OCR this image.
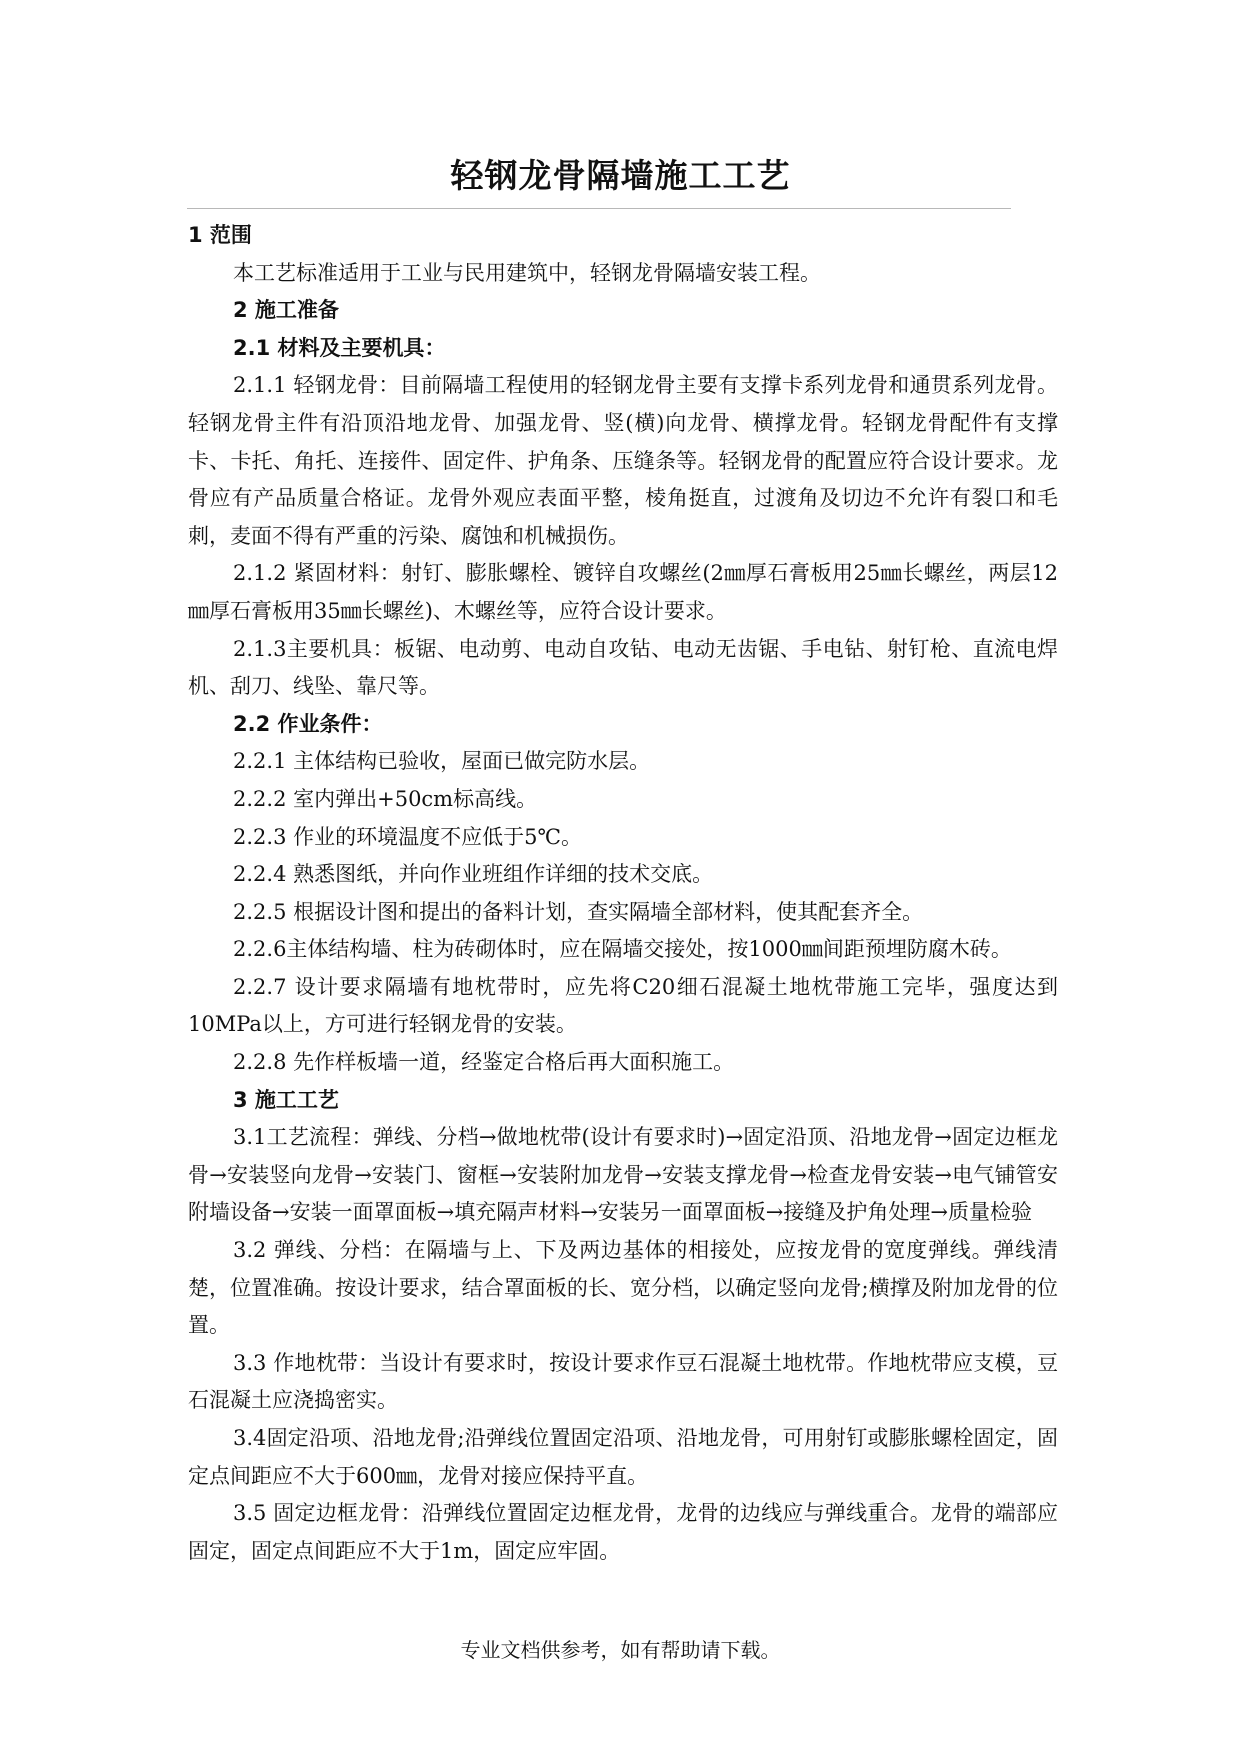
轻钢龙骨隔墙施工工艺

1 范围

本工艺标准适用于工业与民用建筑中，轻钢龙骨隔墙安装工程。

2 施工准备

2.1 材料及主要机具：

2.1.1 轻钢龙骨：目前隔墙工程使用的轻钢龙骨主要有支撑卡系列龙骨和通贯系列龙骨。轻钢龙骨主件有沿顶沿地龙骨、加强龙骨、竖(横)向龙骨、横撑龙骨。轻钢龙骨配件有支撑卡、卡托、角托、连接件、固定件、护角条、压缝条等。轻钢龙骨的配置应符合设计要求。龙骨应有产品质量合格证。龙骨外观应表面平整，棱角挺直，过渡角及切边不允许有裂口和毛刺，麦面不得有严重的污染、腐蚀和机械损伤。

2.1.2 紧固材料：射钉、膨胀螺栓、镀锌自攻螺丝(2㎜厚石膏板用25㎜长螺丝，两层12㎜厚石膏板用35㎜长螺丝)、木螺丝等，应符合设计要求。

2.1.3主要机具：板锯、电动剪、电动自攻钻、电动无齿锯、手电钻、射钉枪、直流电焊机、刮刀、线坠、靠尺等。

2.2 作业条件：

2.2.1 主体结构已验收，屋面已做完防水层。

2.2.2 室内弹出+50cm标高线。

2.2.3 作业的环境温度不应低于5℃。

2.2.4 熟悉图纸，并向作业班组作详细的技术交底。

2.2.5 根据设计图和提出的备料计划，查实隔墙全部材料，使其配套齐全。

2.2.6主体结构墙、柱为砖砌体时，应在隔墙交接处，按1000㎜间距预埋防腐木砖。

2.2.7 设计要求隔墙有地枕带时，应先将C20细石混凝土地枕带施工完毕，强度达到10MPa以上，方可进行轻钢龙骨的安装。

2.2.8 先作样板墙一道，经鉴定合格后再大面积施工。

3 施工工艺

3.1工艺流程：弹线、分档→做地枕带(设计有要求时)→固定沿顶、沿地龙骨→固定边框龙骨→安装竖向龙骨→安装门、窗框→安装附加龙骨→安装支撑龙骨→检查龙骨安装→电气铺管安附墙设备→安装一面罩面板→填充隔声材料→安装另一面罩面板→接缝及护角处理→质量检验

3.2 弹线、分档：在隔墙与上、下及两边基体的相接处，应按龙骨的宽度弹线。弹线清楚，位置准确。按设计要求，结合罩面板的长、宽分档，以确定竖向龙骨;横撑及附加龙骨的位置。

3.3 作地枕带：当设计有要求时，按设计要求作豆石混凝土地枕带。作地枕带应支模，豆石混凝土应浇捣密实。

3.4固定沿项、沿地龙骨;沿弹线位置固定沿项、沿地龙骨，可用射钉或膨胀螺栓固定，固定点间距应不大于600㎜，龙骨对接应保持平直。

3.5 固定边框龙骨：沿弹线位置固定边框龙骨，龙骨的边线应与弹线重合。龙骨的端部应固定，固定点间距应不大于1m，固定应牢固。

专业文档供参考，如有帮助请下载。
